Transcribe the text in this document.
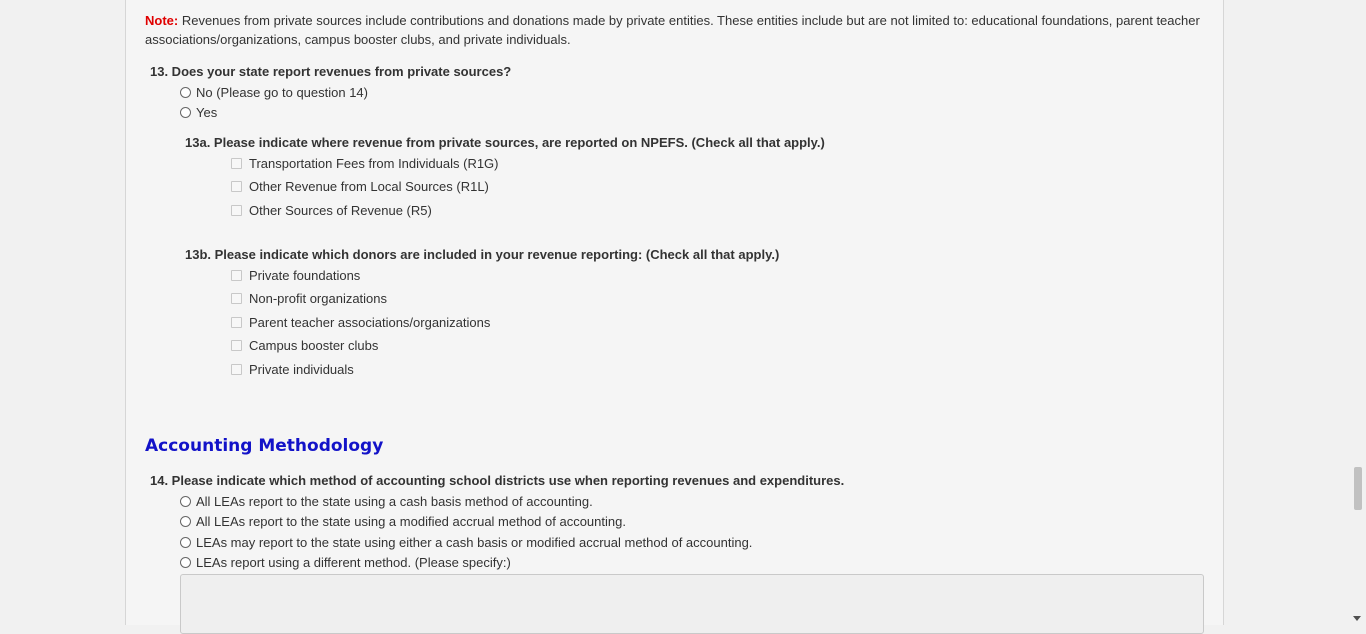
Note: Revenues from private sources include contributions and donations made by private entities. These entities include but are not limited to: educational foundations, parent teacher associations/organizations, campus booster clubs, and private individuals.
13. Does your state report revenues from private sources?
No (Please go to question 14)
Yes
13a. Please indicate where revenue from private sources, are reported on NPEFS. (Check all that apply.)
Transportation Fees from Individuals (R1G)
Other Revenue from Local Sources (R1L)
Other Sources of Revenue (R5)
13b. Please indicate which donors are included in your revenue reporting: (Check all that apply.)
Private foundations
Non-profit organizations
Parent teacher associations/organizations
Campus booster clubs
Private individuals
Accounting Methodology
14. Please indicate which method of accounting school districts use when reporting revenues and expenditures.
All LEAs report to the state using a cash basis method of accounting.
All LEAs report to the state using a modified accrual method of accounting.
LEAs may report to the state using either a cash basis or modified accrual method of accounting.
LEAs report using a different method. (Please specify:)
